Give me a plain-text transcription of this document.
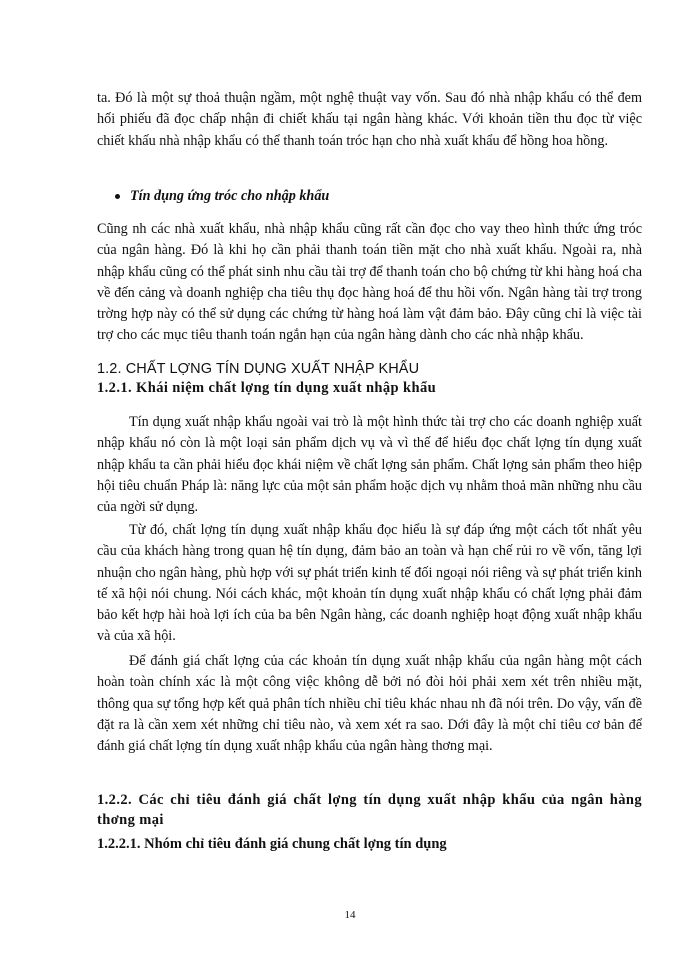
ta. Đó là một sự thoả thuận ngầm, một nghệ thuật vay vốn. Sau đó nhà nhập khẩu có thể đem hối phiếu đã đọc chấp nhận đi chiết khấu tại ngân hàng khác. Với khoản tiền thu đọc từ việc chiết khấu nhà nhập khẩu có thể thanh toán tróc hạn cho nhà xuất khẩu để hồng hoa hồng.

Tín dụng ứng tróc cho nhập khẩu

Cũng nh các nhà xuất khẩu, nhà nhập khẩu cũng rất cần đọc cho vay theo hình thức ứng tróc của ngân hàng. Đó là khi họ cần phải thanh toán tiền mặt cho nhà xuất khẩu. Ngoài ra, nhà nhập khẩu cũng có thể phát sinh nhu cầu tài trợ để thanh toán cho bộ chứng từ khi hàng hoá cha về đến cảng và doanh nghiệp cha tiêu thụ đọc hàng hoá để thu hồi vốn. Ngân hàng tài trợ trong trờng hợp này có thể sử dụng các chứng từ hàng hoá làm vật đảm bảo. Đây cũng chỉ là việc tài trợ cho các mục tiêu thanh toán ngắn hạn của ngân hàng dành cho các nhà nhập khẩu.

1.2. CHẤT LỢNG TÍN DỤNG XUẤT NHẬP KHẨU
1.2.1. Khái niệm chất lợng tín dụng xuất nhập khẩu

Tín dụng xuất nhập khẩu ngoài vai trò là một hình thức tài trợ cho các doanh nghiệp xuất nhập khẩu nó còn là một loại sản phẩm dịch vụ và vì thế để hiểu đọc chất lợng tín dụng xuất nhập khẩu ta cần phải hiểu đọc khái niệm về chất lợng sản phẩm. Chất lợng sản phẩm theo hiệp hội tiêu chuẩn Pháp là: năng lực của một sản phẩm hoặc dịch vụ nhằm thoả mãn những nhu cầu của ngời sử dụng.

Từ đó, chất lợng tín dụng xuất nhập khẩu đọc hiểu là sự đáp ứng một cách tốt nhất yêu cầu của khách hàng trong quan hệ tín dụng, đảm bảo an toàn và hạn chế rủi ro về vốn, tăng lợi nhuận cho ngân hàng, phù hợp với sự phát triển kinh tế đối ngoại nói riêng và sự phát triển kinh tế xã hội nói chung. Nói cách khác, một khoản tín dụng xuất nhập khẩu có chất lợng phải đảm bảo kết hợp hài hoà lợi ích của ba bên Ngân hàng, các doanh nghiệp hoạt động xuất nhập khẩu và của xã hội.

Để đánh giá chất lợng của các khoản tín dụng xuất nhập khẩu của ngân hàng một cách hoàn toàn chính xác là một công việc không dễ bởi nó đòi hỏi phải xem xét trên nhiều mặt, thông qua sự tổng hợp kết quả phân tích nhiều chỉ tiêu khác nhau nh đã nói trên. Do vậy, vấn đề đặt ra là cần xem xét những chỉ tiêu nào, và xem xét ra sao. Dới đây là một chỉ tiêu cơ bản để đánh giá chất lợng tín dụng xuất nhập khẩu của ngân hàng thơng mại.

1.2.2. Các chỉ tiêu đánh giá chất lợng tín dụng xuất nhập khẩu của ngân hàng thơng mại
1.2.2.1. Nhóm chỉ tiêu đánh giá chung chất lợng tín dụng
14
